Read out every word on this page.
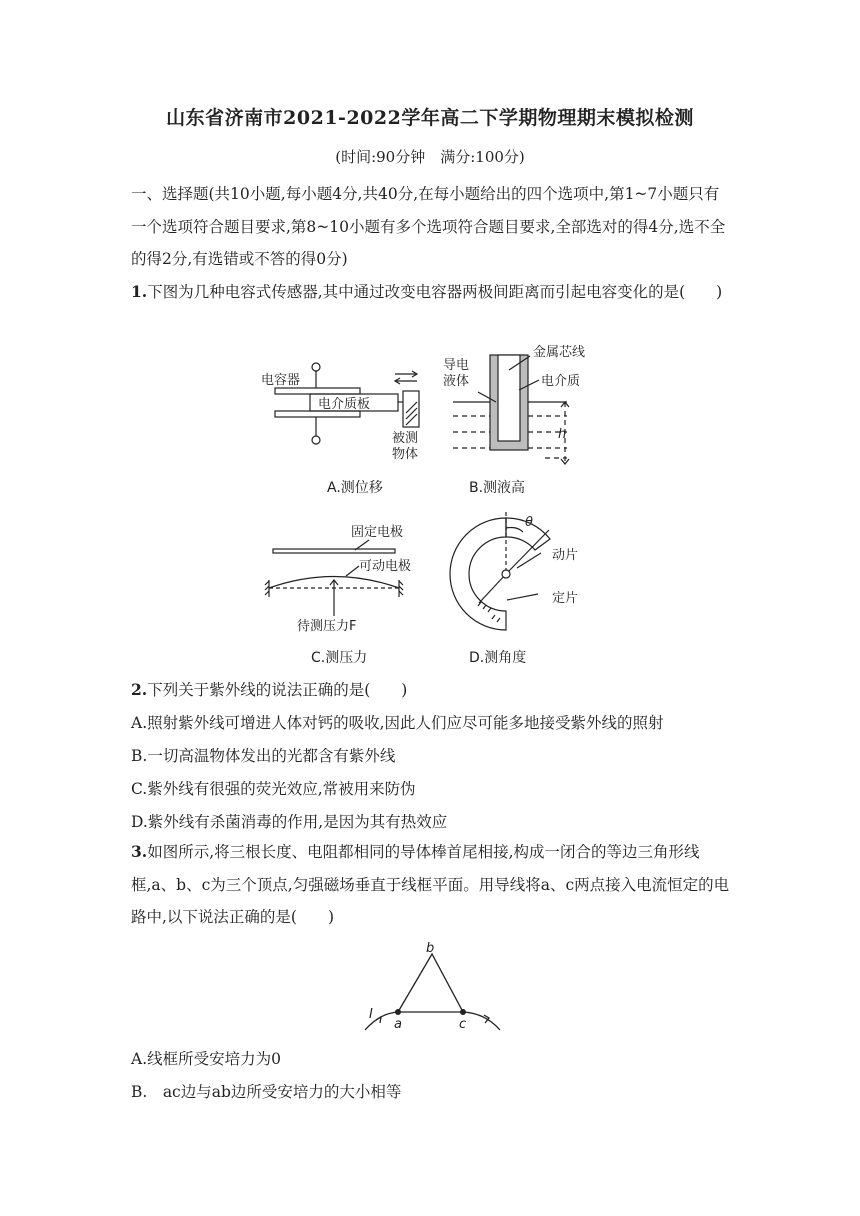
山东省济南市2021-2022学年高二下学期物理期末模拟检测
(时间:90分钟　满分:100分)

一、选择题(共10小题,每小题4分,共40分,在每小题给出的四个选项中,第1~7小题只有一个选项符合题目要求,第8~10小题有多个选项符合题目要求,全部选对的得4分,选不全的得2分,有选错或不答的得0分)

1.下图为几种电容式传感器,其中通过改变电容器两极间距离而引起电容变化的是(　　)

电容器
电介质板
被测
物体
A.测位移
导电
液体
金属芯线
电介质
h
B.测液高
固定电极
可动电极
待测压力F
C.测压力
θ
动片
定片
D.测角度

2.下列关于紫外线的说法正确的是(　　)

A.照射紫外线可增进人体对钙的吸收,因此人们应尽可能多地接受紫外线的照射

B.一切高温物体发出的光都含有紫外线

C.紫外线有很强的荧光效应,常被用来防伪

D.紫外线有杀菌消毒的作用,是因为其有热效应

3.如图所示,将三根长度、电阻都相同的导体棒首尾相接,构成一闭合的等边三角形线框,a、b、c为三个顶点,匀强磁场垂直于线框平面。用导线将a、c两点接入电流恒定的电路中,以下说法正确的是(　　)

b
a	c
I

A.线框所受安培力为0

B.　ac边与ab边所受安培力的大小相等
